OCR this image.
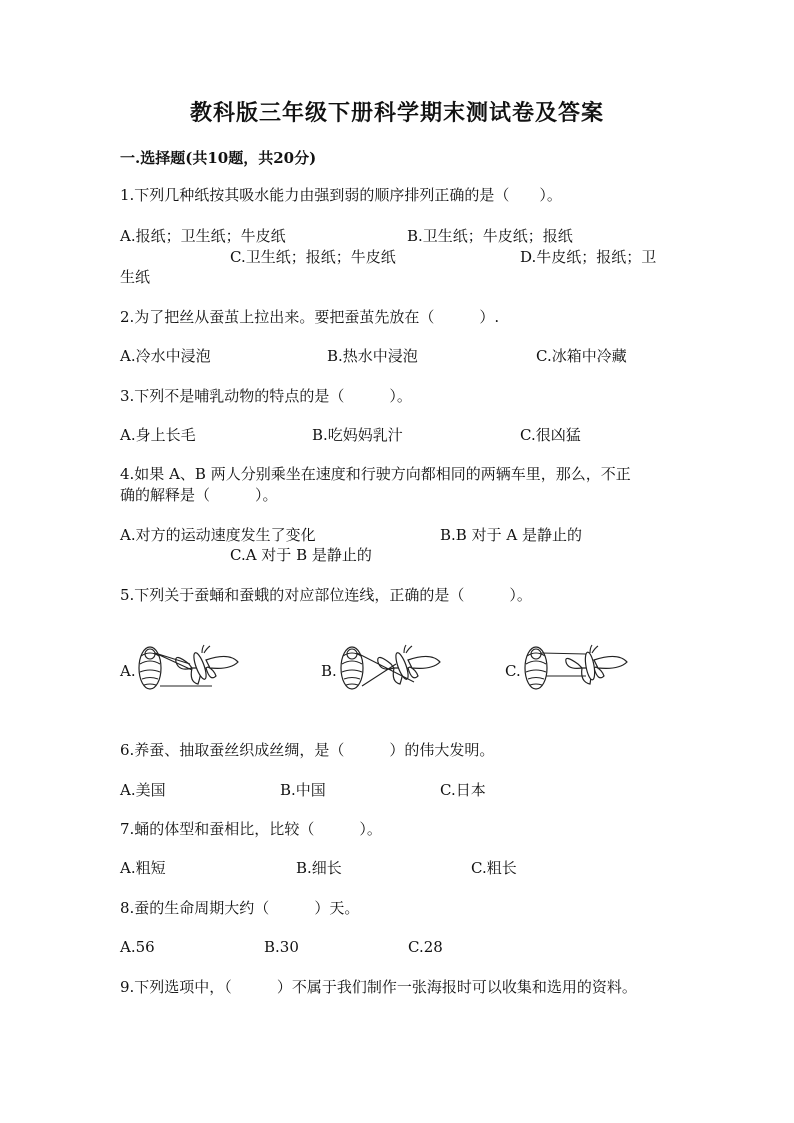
教科版三年级下册科学期末测试卷及答案
一.选择题(共10题，共20分)
1.下列几种纸按其吸水能力由强到弱的顺序排列正确的是（　　）。
A.报纸；卫生纸；牛皮纸	B.卫生纸；牛皮纸；报纸
C.卫生纸；报纸；牛皮纸	D.牛皮纸；报纸；卫
生纸
2.为了把丝从蚕茧上拉出来。要把蚕茧先放在（　　　）.
A.冷水中浸泡	B.热水中浸泡	C.冰箱中冷藏
3.下列不是哺乳动物的特点的是（　　　）。
A.身上长毛	B.吃妈妈乳汁	C.很凶猛
4.如果 A、B 两人分别乘坐在速度和行驶方向都相同的两辆车里，那么，不正
确的解释是（　　　）。
A.对方的运动速度发生了变化	B.B 对于 A 是静止的
C.A 对于 B 是静止的
5.下列关于蚕蛹和蚕蛾的对应部位连线，正确的是（　　　）。
A.	B.	C.
6.养蚕、抽取蚕丝织成丝绸，是（　　　）的伟大发明。
A.美国	B.中国	C.日本
7.蛹的体型和蚕相比，比较（　　　）。
A.粗短	B.细长	C.粗长
8.蚕的生命周期大约（　　　）天。
A.56	B.30	C.28
9.下列选项中，（　　　）不属于我们制作一张海报时可以收集和选用的资料。
